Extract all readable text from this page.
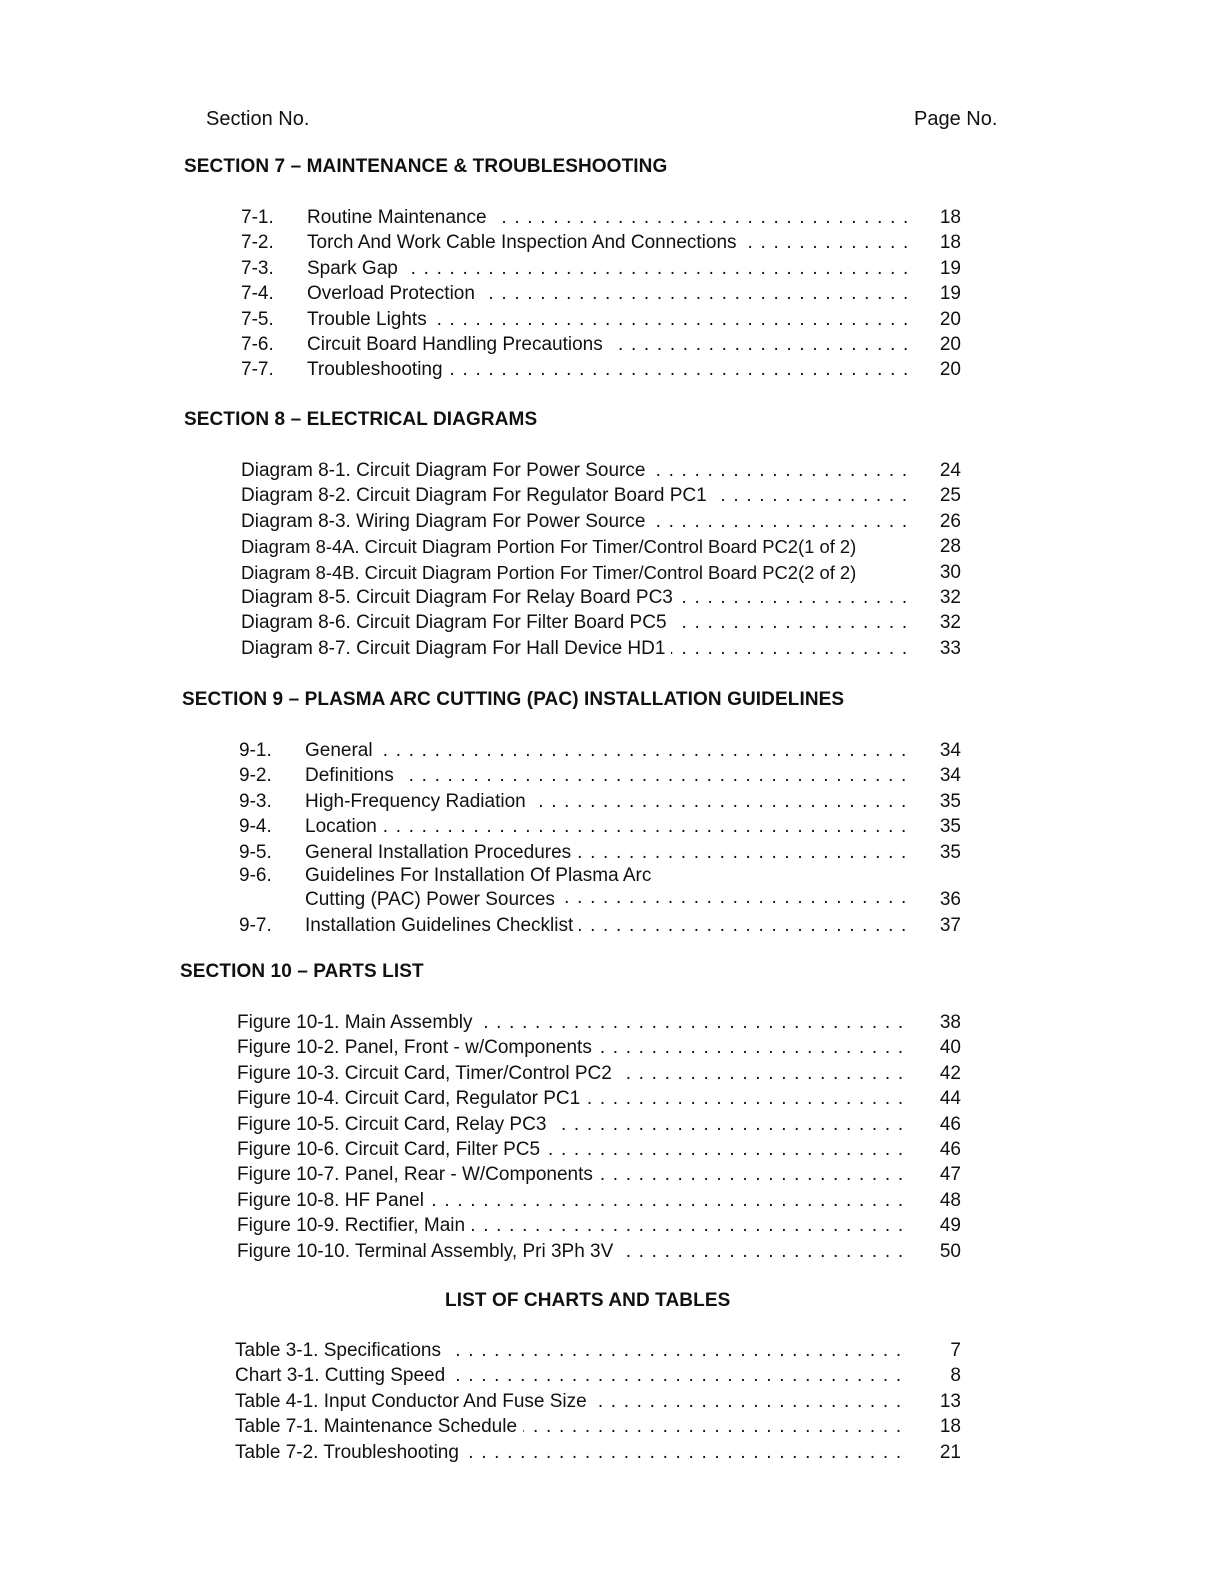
Section No.	Page No.
SECTION 7 – MAINTENANCE & TROUBLESHOOTING
7-1. Routine Maintenance . . .	18
7-2. Torch And Work Cable Inspection And Connections . . .	18
7-3. Spark Gap . . .	19
7-4. Overload Protection . . .	19
7-5. Trouble Lights . . .	20
7-6. Circuit Board Handling Precautions . . .	20
7-7. Troubleshooting . . .	20
SECTION 8 – ELECTRICAL DIAGRAMS
Diagram 8-1. Circuit Diagram For Power Source . . .	24
Diagram 8-2. Circuit Diagram For Regulator Board PC1 . . .	25
Diagram 8-3. Wiring Diagram For Power Source . . .	26
Diagram 8-4A. Circuit Diagram Portion For Timer/Control Board PC2(1 of 2)	28
Diagram 8-4B. Circuit Diagram Portion For Timer/Control Board PC2(2 of 2)	30
Diagram 8-5. Circuit Diagram For Relay Board PC3 . . .	32
Diagram 8-6. Circuit Diagram For Filter Board PC5 . . .	32
Diagram 8-7. Circuit Diagram For Hall Device HD1 . . .	33
SECTION 9 – PLASMA ARC CUTTING (PAC) INSTALLATION GUIDELINES
9-1. General . . .	34
9-2. Definitions . . .	34
9-3. High-Frequency Radiation . . .	35
9-4. Location . . .	35
9-5. General Installation Procedures . . .	35
9-6. Guidelines For Installation Of Plasma Arc
Cutting (PAC) Power Sources . . .	36
9-7. Installation Guidelines Checklist . . .	37
SECTION 10 – PARTS LIST
Figure 10-1. Main Assembly . . .	38
Figure 10-2. Panel, Front - w/Components . . .	40
Figure 10-3. Circuit Card, Timer/Control PC2 . . .	42
Figure 10-4. Circuit Card, Regulator PC1 . . .	44
Figure 10-5. Circuit Card, Relay PC3 . . .	46
Figure 10-6. Circuit Card, Filter PC5 . . .	46
Figure 10-7. Panel, Rear - W/Components . . .	47
Figure 10-8. HF Panel . . .	48
Figure 10-9. Rectifier, Main . . .	49
Figure 10-10. Terminal Assembly, Pri 3Ph 3V . . .	50
LIST OF CHARTS AND TABLES
Table 3-1. Specifications . . .	7
Chart 3-1. Cutting Speed . . .	8
Table 4-1. Input Conductor And Fuse Size . . .	13
Table 7-1. Maintenance Schedule . . .	18
Table 7-2. Troubleshooting . . .	21
